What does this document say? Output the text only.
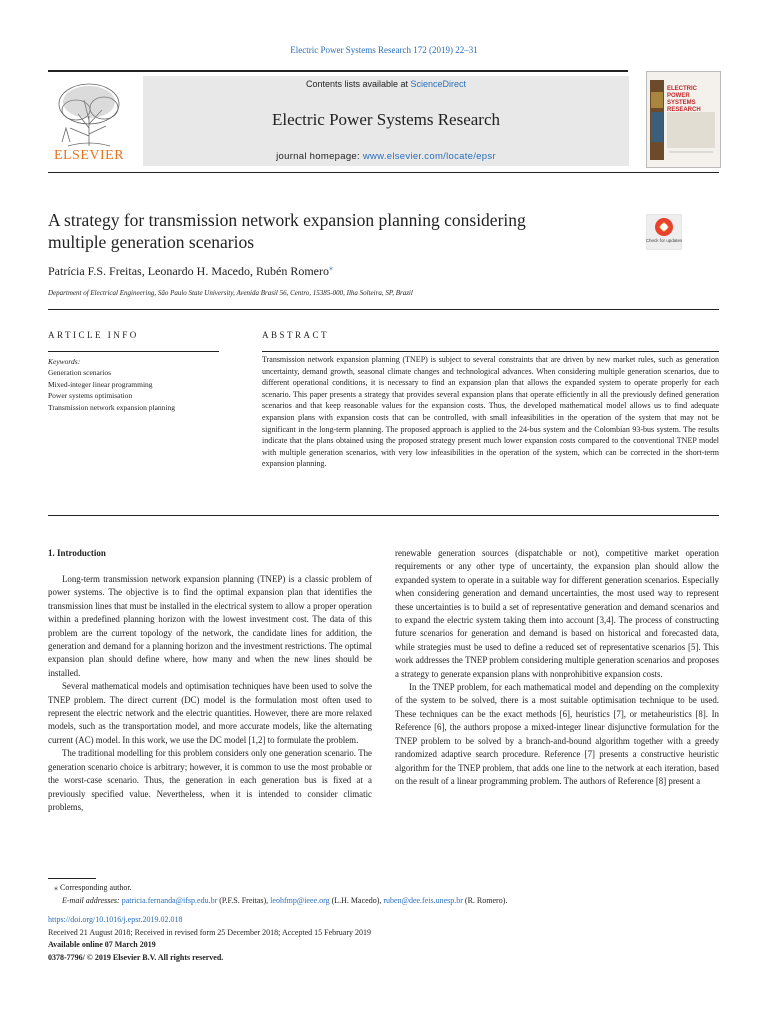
Electric Power Systems Research 172 (2019) 22–31
ELSEVIER
Contents lists available at ScienceDirect
Electric Power Systems Research
journal homepage: www.elsevier.com/locate/epsr
ELECTRIC POWER
SYSTEMS RESEARCH
A strategy for transmission network expansion planning considering
multiple generation scenarios	Check for updates
Patrícia F.S. Freitas, Leonardo H. Macedo, Rubén Romero⁎
Department of Electrical Engineering, São Paulo State University, Avenida Brasil 56, Centro, 15385-000, Ilha Solteira, SP, Brazil
ARTICLE INFO	ABSTRACT
Keywords:
Generation scenarios
Mixed-integer linear programming
Power systems optimisation
Transmission network expansion planning
Transmission network expansion planning (TNEP) is subject to several constraints that are driven by new market rules, such as generation uncertainty, demand growth, seasonal climate changes and technological advances. When considering multiple generation scenarios, due to different operational conditions, it is necessary to find an expansion plan that allows the expanded system to operate properly for each scenario. This paper presents a strategy that provides several expansion plans that operate efficiently in all the previously defined generation scenarios and that keep reasonable values for the expansion costs. Thus, the developed mathematical model allows us to find adequate expansion plans with expansion costs that can be controlled, with small infeasibilities in the operation of the system that may not be significant in the long-term planning. The proposed approach is applied to the 24-bus system and the Colombian 93-bus system. The results indicate that the plans obtained using the proposed strategy present much lower expansion costs compared to the conventional TNEP model with multiple generation scenarios, with very low infeasibilities in the operation of the system, which can be corrected in the short-term expansion planning.
1. Introduction

Long-term transmission network expansion planning (TNEP) is a classic problem of power systems. The objective is to find the optimal expansion plan that identifies the transmission lines that must be installed in the electrical system to allow a proper operation within a predefined planning horizon with the lowest investment cost. The data of this problem are the current topology of the network, the candidate lines for addition, the generation and demand for a planning horizon and the investment restrictions. The optimal expansion plan should define where, how many and when the new lines should be installed.

Several mathematical models and optimisation techniques have been used to solve the TNEP problem. The direct current (DC) model is the formulation most often used to represent the electric network and the electric quantities. However, there are more relaxed models, such as the transportation model, and more accurate models, like the alternating current (AC) model. In this work, we use the DC model [1,2] to formulate the problem.

The traditional modelling for this problem considers only one generation scenario. The generation scenario choice is arbitrary; however, it is common to use the most probable or the worst-case scenario. Thus, the generation in each generation bus is fixed at a previously specified value. Nevertheless, when it is intended to consider climatic problems,

renewable generation sources (dispatchable or not), competitive market operation requirements or any other type of uncertainty, the expansion plan should allow the expanded system to operate in a suitable way for different generation scenarios. Especially when considering generation and demand uncertainties, the most used way to represent these uncertainties is to build a set of representative generation and demand scenarios and to expand the electric system taking them into account [3,4]. The process of constructing future scenarios for generation and demand is based on historical and forecasted data, while strategies must be used to define a reduced set of representative scenarios [5]. This work addresses the TNEP problem considering multiple generation scenarios and proposes a strategy to generate expansion plans with nonprohibitive expansion costs.

In the TNEP problem, for each mathematical model and depending on the complexity of the system to be solved, there is a most suitable optimisation technique to be used. These techniques can be the exact methods [6], heuristics [7], or metaheuristics [8]. In Reference [6], the authors propose a mixed-integer linear disjunctive formulation for the TNEP problem to be solved by a branch-and-bound algorithm together with a greedy randomized adaptive search procedure. Reference [7] presents a constructive heuristic algorithm for the TNEP problem, that adds one line to the network at each iteration, based on the result of a linear programming problem. The authors of Reference [8] present a

⁎ Corresponding author.
E-mail addresses: patricia.fernanda@ifsp.edu.br (P.F.S. Freitas), leohfmp@ieee.org (L.H. Macedo), ruben@dee.feis.unesp.br (R. Romero).
https://doi.org/10.1016/j.epsr.2019.02.018
Received 21 August 2018; Received in revised form 25 December 2018; Accepted 15 February 2019
Available online 07 March 2019
0378-7796/ © 2019 Elsevier B.V. All rights reserved.
